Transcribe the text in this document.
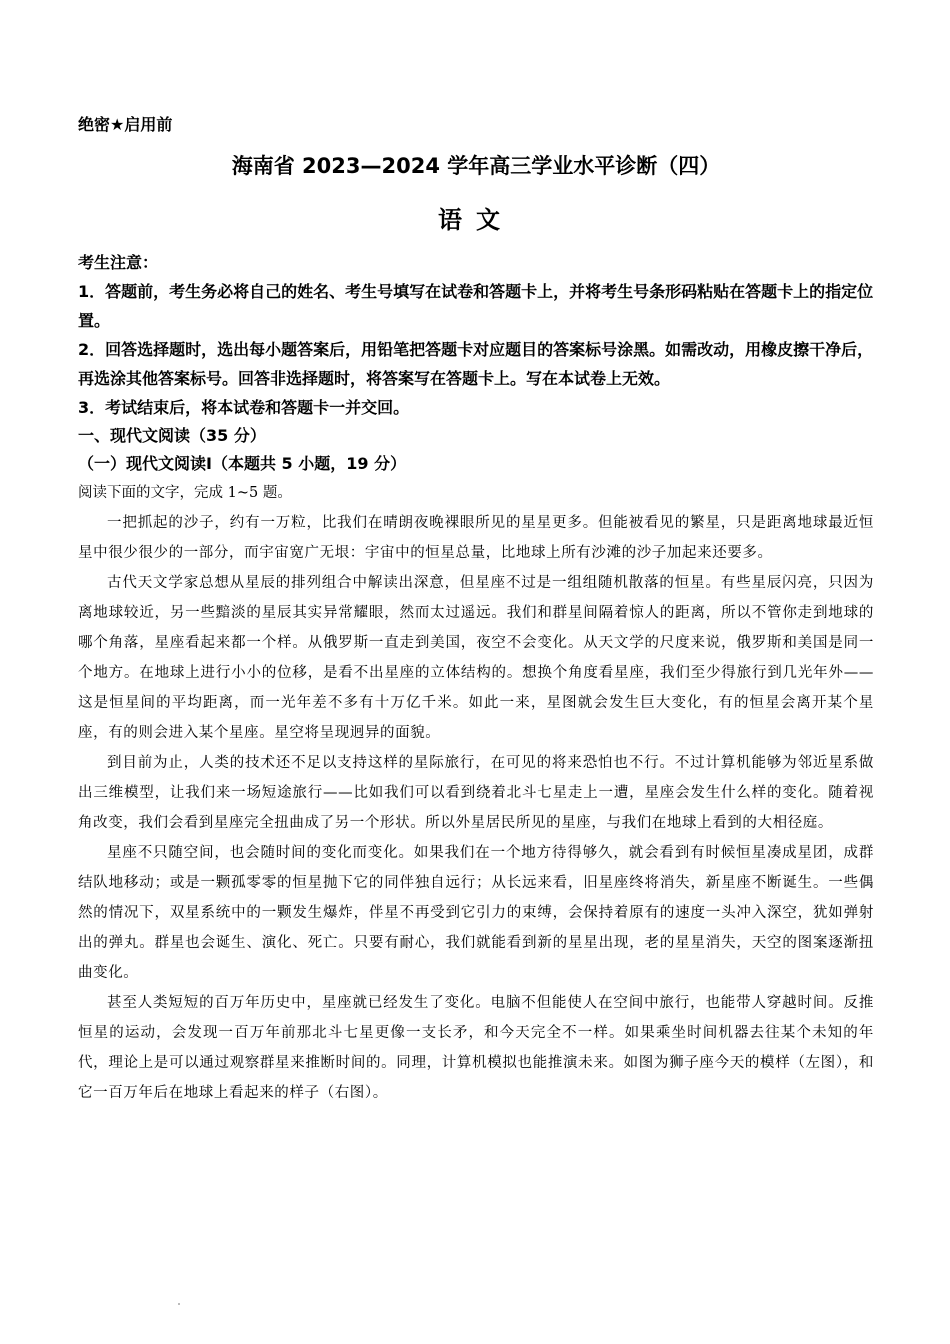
绝密★启用前

海南省 2023—2024 学年高三学业水平诊断（四）

语文

考生注意：

1．答题前，考生务必将自己的姓名、考生号填写在试卷和答题卡上，并将考生号条形码粘贴在答题卡上的指定位置。

2．回答选择题时，选出每小题答案后，用铅笔把答题卡对应题目的答案标号涂黑。如需改动，用橡皮擦干净后，再选涂其他答案标号。回答非选择题时，将答案写在答题卡上。写在本试卷上无效。

3．考试结束后，将本试卷和答题卡一并交回。

一、现代文阅读（35 分）

（一）现代文阅读Ⅰ（本题共 5 小题，19 分）

阅读下面的文字，完成 1~5 题。

一把抓起的沙子，约有一万粒，比我们在晴朗夜晚裸眼所见的星星更多。但能被看见的繁星，只是距离地球最近恒星中很少很少的一部分，而宇宙宽广无垠：宇宙中的恒星总量，比地球上所有沙滩的沙子加起来还要多。

古代天文学家总想从星辰的排列组合中解读出深意，但星座不过是一组组随机散落的恒星。有些星辰闪亮，只因为离地球较近，另一些黯淡的星辰其实异常耀眼，然而太过遥远。我们和群星间隔着惊人的距离，所以不管你走到地球的哪个角落，星座看起来都一个样。从俄罗斯一直走到美国，夜空不会变化。从天文学的尺度来说，俄罗斯和美国是同一个地方。在地球上进行小小的位移，是看不出星座的立体结构的。想换个角度看星座，我们至少得旅行到几光年外——这是恒星间的平均距离，而一光年差不多有十万亿千米。如此一来，星图就会发生巨大变化，有的恒星会离开某个星座，有的则会进入某个星座。星空将呈现迥异的面貌。

到目前为止，人类的技术还不足以支持这样的星际旅行，在可见的将来恐怕也不行。不过计算机能够为邻近星系做出三维模型，让我们来一场短途旅行——比如我们可以看到绕着北斗七星走上一遭，星座会发生什么样的变化。随着视角改变，我们会看到星座完全扭曲成了另一个形状。所以外星居民所见的星座，与我们在地球上看到的大相径庭。

星座不只随空间，也会随时间的变化而变化。如果我们在一个地方待得够久，就会看到有时候恒星凑成星团，成群结队地移动；或是一颗孤零零的恒星抛下它的同伴独自远行；从长远来看，旧星座终将消失，新星座不断诞生。一些偶然的情况下，双星系统中的一颗发生爆炸，伴星不再受到它引力的束缚，会保持着原有的速度一头冲入深空，犹如弹射出的弹丸。群星也会诞生、演化、死亡。只要有耐心，我们就能看到新的星星出现，老的星星消失，天空的图案逐渐扭曲变化。

甚至人类短短的百万年历史中，星座就已经发生了变化。电脑不但能使人在空间中旅行，也能带人穿越时间。反推恒星的运动，会发现一百万年前那北斗七星更像一支长矛，和今天完全不一样。如果乘坐时间机器去往某个未知的年代，理论上是可以通过观察群星来推断时间的。同理，计算机模拟也能推演未来。如图为狮子座今天的模样（左图），和它一百万年后在地球上看起来的样子（右图）。
